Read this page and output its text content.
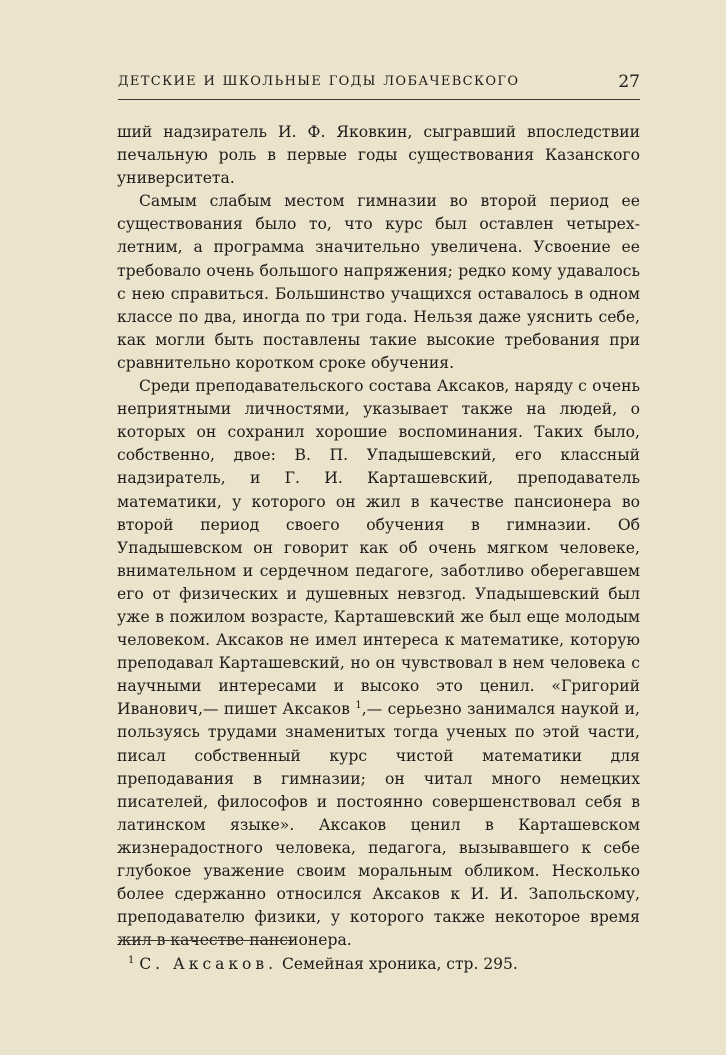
ДЕТСКИЕ И ШКОЛЬНЫЕ ГОДЫ ЛОБАЧЕВСКОГО	27

ший надзиратель И. Ф. Яковкин, сыгравший впоследствии печальную роль в первые годы существования Казанского университета.

Самым слабым местом гимназии во второй период ее существования было то, что курс был оставлен четырехлетним, а программа значительно увеличена. Усвоение ее требовало очень большого напряжения; редко кому удавалось с нею справиться. Большинство учащихся оставалось в одном классе по два, иногда по три года. Нельзя даже уяснить себе, как могли быть поставлены такие высокие требования при сравнительно коротком сроке обучения.

Среди преподавательского состава Аксаков, наряду с очень неприятными личностями, указывает также на людей, о которых он сохранил хорошие воспоминания. Таких было, собственно, двое: В. П. Упадышевский, его классный надзиратель, и Г. И. Карташевский, преподаватель математики, у которого он жил в качестве пансионера во второй период своего обучения в гимназии. Об Упадышевском он говорит как об очень мягком человеке, внимательном и сердечном педагоге, заботливо оберегавшем его от физических и душевных невзгод. Упадышевский был уже в пожилом возрасте, Карташевский же был еще молодым человеком. Аксаков не имел интереса к математике, которую преподавал Карташевский, но он чувствовал в нем человека с научными интересами и высоко это ценил. «Григорий Иванович,— пишет Аксаков $^1$,— серьезно занимался наукой и, пользуясь трудами знаменитых тогда ученых по этой части, писал собственный курс чистой математики для преподавания в гимназии; он читал много немецких писателей, философов и постоянно совершенствовал себя в латинском языке». Аксаков ценил в Карташевском жизнерадостного человека, педагога, вызывавшего к себе глубокое уважение своим моральным обликом. Несколько более сдержанно относился Аксаков к И. И. Запольскому, преподавателю физики, у которого также некоторое время жил в качестве пансионера.

$^1$ С. Аксаков. Семейная хроника, стр. 295.
